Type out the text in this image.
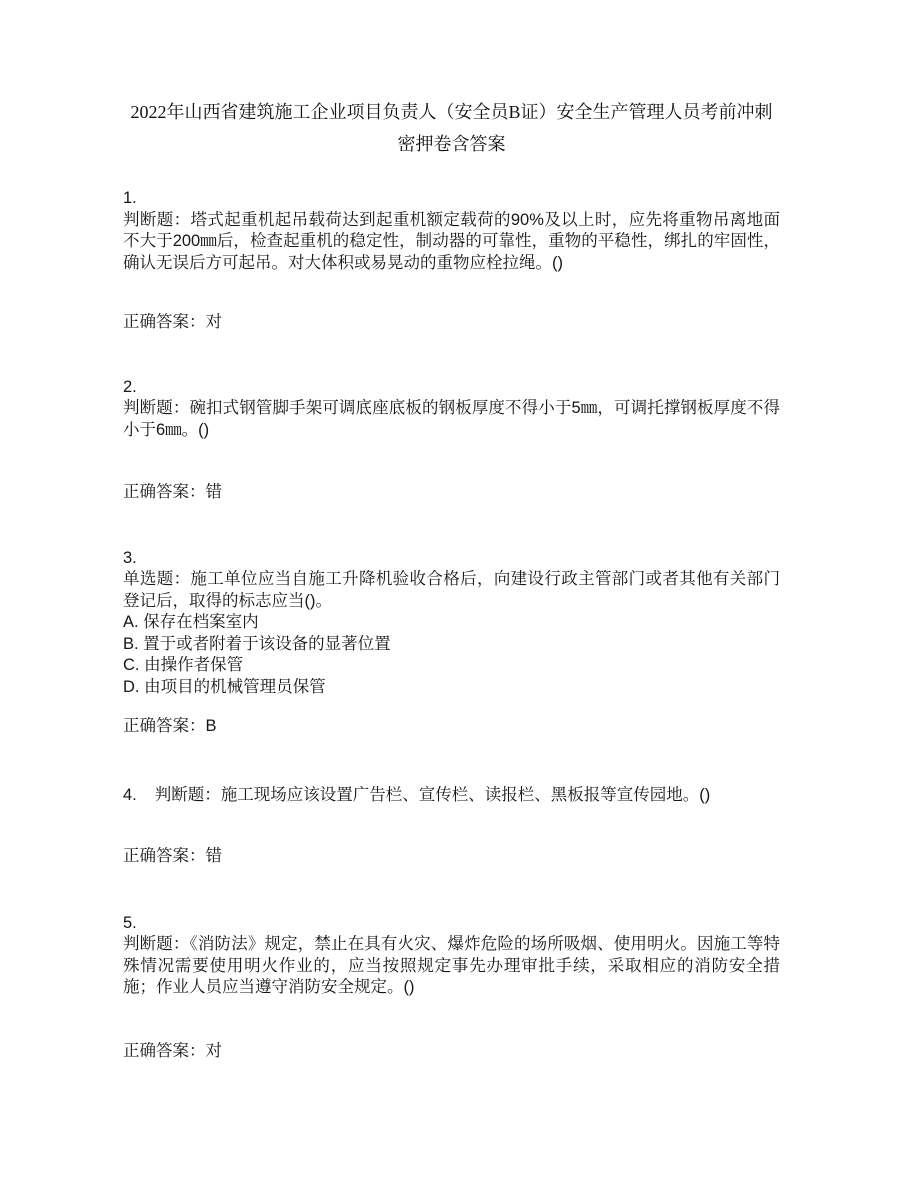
2022年山西省建筑施工企业项目负责人（安全员B证）安全生产管理人员考前冲刺密押卷含答案
1.

判断题：塔式起重机起吊载荷达到起重机额定载荷的90%及以上时，应先将重物吊离地面不大于200㎜后，检查起重机的稳定性，制动器的可靠性，重物的平稳性，绑扎的牢固性，确认无误后方可起吊。对大体积或易晃动的重物应栓拉绳。()

正确答案：对

2.

判断题：碗扣式钢管脚手架可调底座底板的钢板厚度不得小于5㎜，可调托撑钢板厚度不得小于6㎜。()

正确答案：错

3.

单选题：施工单位应当自施工升降机验收合格后，向建设行政主管部门或者其他有关部门登记后，取得的标志应当()。

A. 保存在档案室内
B. 置于或者附着于该设备的显著位置
C. 由操作者保管
D. 由项目的机械管理员保管

正确答案：B

4. 判断题：施工现场应该设置广告栏、宣传栏、读报栏、黑板报等宣传园地。()

正确答案：错

5.

判断题：《消防法》规定，禁止在具有火灾、爆炸危险的场所吸烟、使用明火。因施工等特殊情况需要使用明火作业的，应当按照规定事先办理审批手续，采取相应的消防安全措施；作业人员应当遵守消防安全规定。()

正确答案：对
